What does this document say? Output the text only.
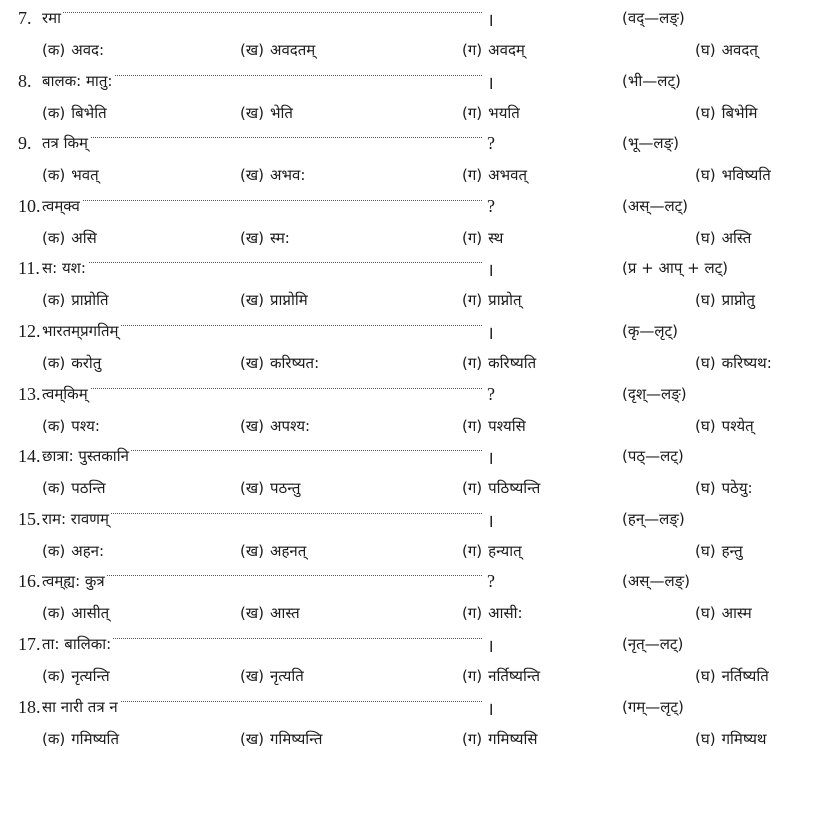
7. रमा	।	(वद्—लङ्)
(क) अवद:	(ख) अवदतम्	(ग) अवदम्	(घ) अवदत्
8. बालक: मातु:	।	(भी—लट्)
(क) बिभेति	(ख) भेति	(ग) भयति	(घ) बिभेमि
9. तत्र किम्	?	(भू—लङ्)
(क) भवत्	(ख) अभव:	(ग) अभवत्	(घ) भविष्यति
10. त्वम्‌क्व	?	(अस्—लट्)
(क) असि	(ख) स्म:	(ग) स्थ	(घ) अस्ति
11. स: यश:	।	(प्र + आप् + लट्)
(क) प्राप्नोति	(ख) प्राप्नोमि	(ग) प्राप्नोत्	(घ) प्राप्नोतु
12. भारतम्‌प्रगतिम्	।	(कृ—लृट्)
(क) करोतु	(ख) करिष्यत:	(ग) करिष्यति	(घ) करिष्यथ:
13. त्वम्‌किम्	?	(दृश्—लङ्)
(क) पश्य:	(ख) अपश्य:	(ग) पश्यसि	(घ) पश्येत्
14. छात्रा: पुस्तकानि	।	(पठ्—लट्)
(क) पठन्ति	(ख) पठन्तु	(ग) पठिष्यन्ति	(घ) पठेयु:
15. राम: रावणम्	।	(हन्—लङ्)
(क) अहन:	(ख) अहनत्	(ग) हन्यात्	(घ) हन्तु
16. त्वम्‌ह्य: कुत्र	?	(अस्—लङ्)
(क) आसीत्	(ख) आस्त	(ग) आसी:	(घ) आस्म
17. ता: बालिका:	।	(नृत्—लट्)
(क) नृत्यन्ति	(ख) नृत्यति	(ग) नर्तिष्यन्ति	(घ) नर्तिष्यति
18. सा नारी तत्र न	।	(गम्—लृट्)
(क) गमिष्यति	(ख) गमिष्यन्ति	(ग) गमिष्यसि	(घ) गमिष्यथ
